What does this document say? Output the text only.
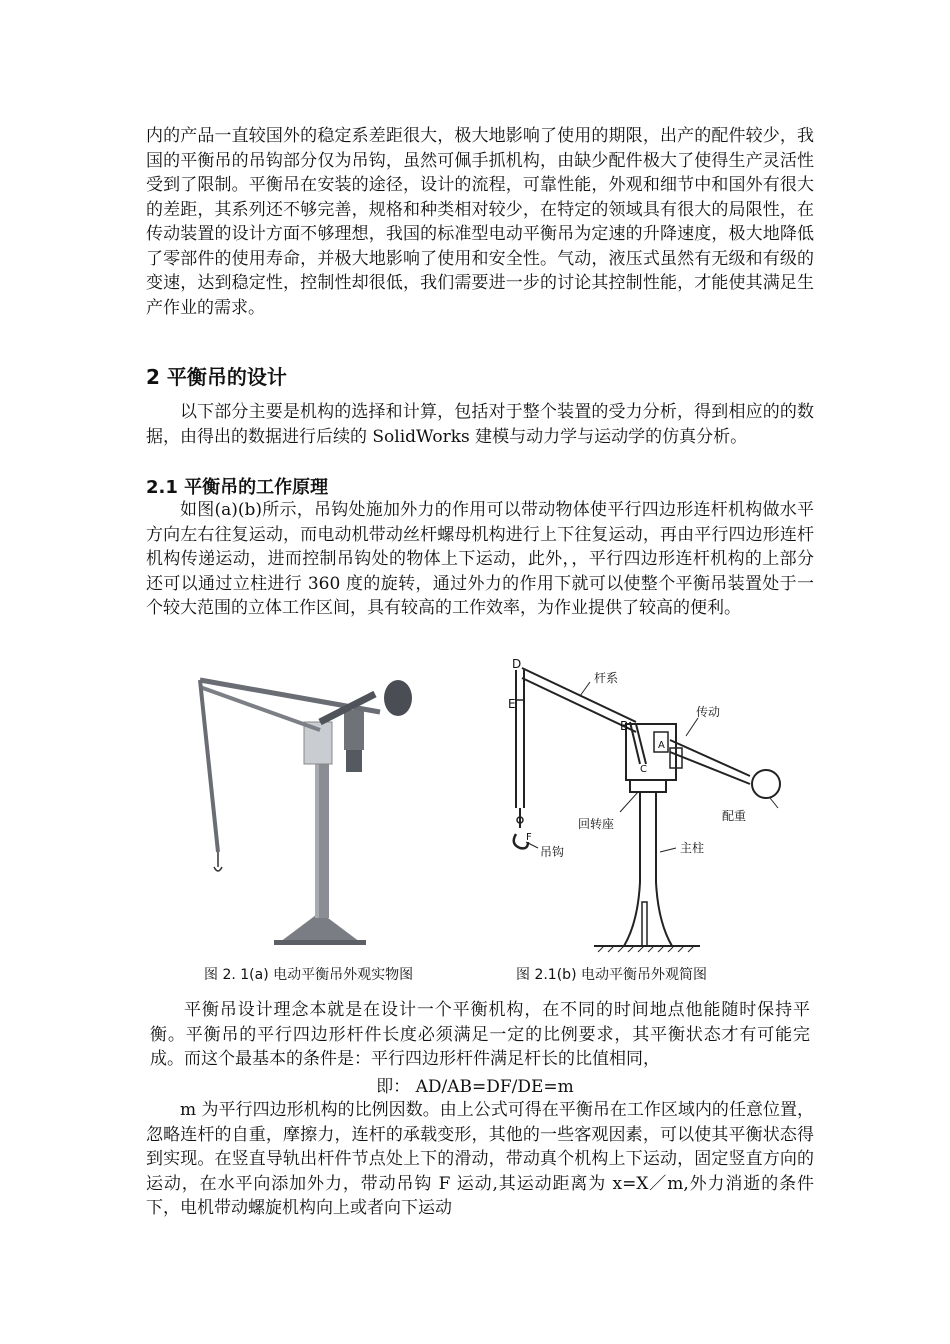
内的产品一直较国外的稳定系差距很大，极大地影响了使用的期限，出产的配件较少，我国的平衡吊的吊钩部分仅为吊钩，虽然可佩手抓机构，由缺少配件极大了使得生产灵活性受到了限制。平衡吊在安装的途径，设计的流程，可靠性能，外观和细节中和国外有很大的差距，其系列还不够完善，规格和种类相对较少，在特定的领域具有很大的局限性，在传动装置的设计方面不够理想，我国的标准型电动平衡吊为定速的升降速度，极大地降低了零部件的使用寿命，并极大地影响了使用和安全性。气动，液压式虽然有无级和有级的变速，达到稳定性，控制性却很低，我们需要进一步的讨论其控制性能，才能使其满足生产作业的需求。

2 平衡吊的设计

以下部分主要是机构的选择和计算，包括对于整个装置的受力分析，得到相应的的数据，由得出的数据进行后续的 SolidWorks 建模与动力学与运动学的仿真分析。

2.1 平衡吊的工作原理

如图(a)(b)所示，吊钩处施加外力的作用可以带动物体使平行四边形连杆机构做水平方向左右往复运动，而电动机带动丝杆螺母机构进行上下往复运动，再由平行四边形连杆机构传递运动，进而控制吊钩处的物体上下运动，此外，，平行四边形连杆机构的上部分还可以通过立柱进行 360 度的旋转，通过外力的作用下就可以使整个平衡吊装置处于一个较大范围的立体工作区间，具有较高的工作效率，为作业提供了较高的便利。

D
E
B
A
C
F
杆系
传动
配重
回转座
主柱
吊钩
图 2. 1(a) 电动平衡吊外观实物图	图 2.1(b) 电动平衡吊外观简图

平衡吊设计理念本就是在设计一个平衡机构，在不同的时间地点他能随时保持平衡。平衡吊的平行四边形杆件长度必须满足一定的比例要求，其平衡状态才有可能完成。而这个最基本的条件是：平行四边形杆件满足杆长的比值相同，

即： AD/AB=DF/DE=m

m 为平行四边形机构的比例因数。由上公式可得在平衡吊在工作区域内的任意位置，忽略连杆的自重，摩擦力，连杆的承载变形，其他的一些客观因素，可以使其平衡状态得到实现。在竖直导轨出杆件节点处上下的滑动，带动真个机构上下运动，固定竖直方向的运动，在水平向添加外力，带动吊钩 F 运动,其运动距离为 x=X／m,外力消逝的条件下，电机带动螺旋机构向上或者向下运动
